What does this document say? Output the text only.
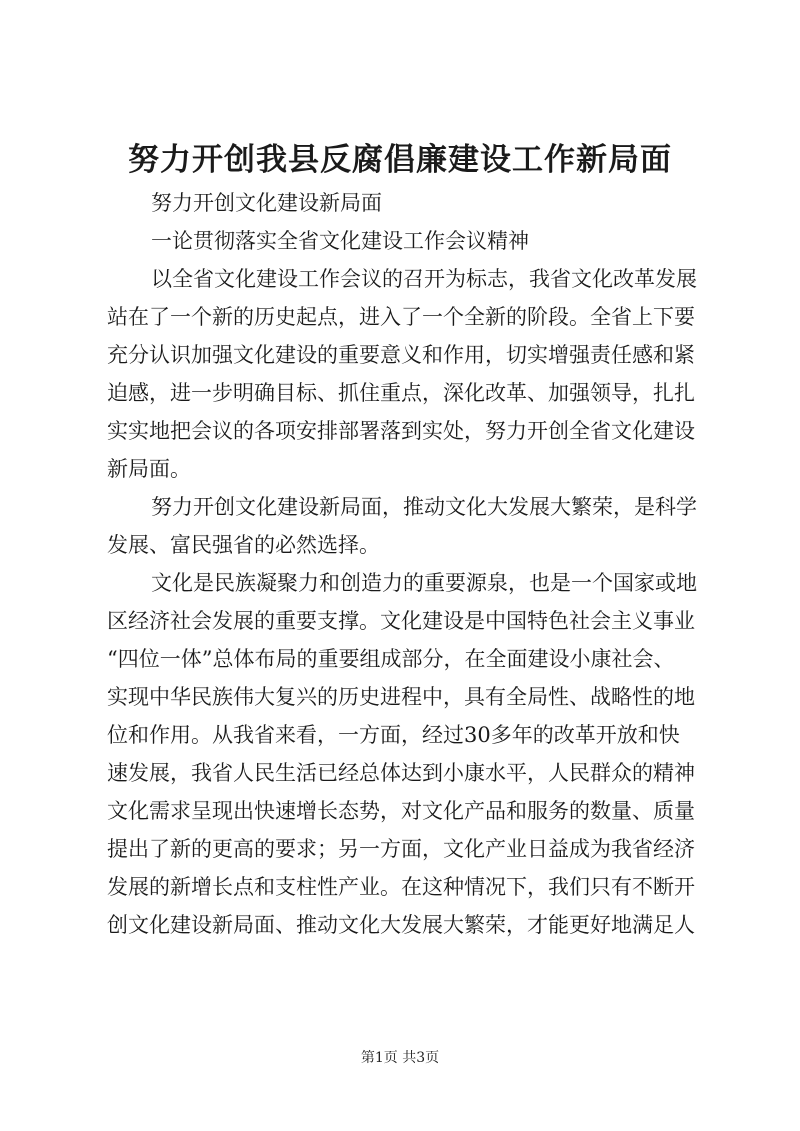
努力开创我县反腐倡廉建设工作新局面
努力开创文化建设新局面
一论贯彻落实全省文化建设工作会议精神
以全省文化建设工作会议的召开为标志，我省文化改革发展
站在了一个新的历史起点，进入了一个全新的阶段。全省上下要
充分认识加强文化建设的重要意义和作用，切实增强责任感和紧
迫感，进一步明确目标、抓住重点，深化改革、加强领导，扎扎
实实地把会议的各项安排部署落到实处，努力开创全省文化建设
新局面。
努力开创文化建设新局面，推动文化大发展大繁荣，是科学
发展、富民强省的必然选择。
文化是民族凝聚力和创造力的重要源泉，也是一个国家或地
区经济社会发展的重要支撑。文化建设是中国特色社会主义事业
“四位一体”总体布局的重要组成部分，在全面建设小康社会、
实现中华民族伟大复兴的历史进程中，具有全局性、战略性的地
位和作用。从我省来看，一方面，经过30多年的改革开放和快
速发展，我省人民生活已经总体达到小康水平，人民群众的精神
文化需求呈现出快速增长态势，对文化产品和服务的数量、质量
提出了新的更高的要求；另一方面，文化产业日益成为我省经济
发展的新增长点和支柱性产业。在这种情况下，我们只有不断开
创文化建设新局面、推动文化大发展大繁荣，才能更好地满足人
第1页 共3页
